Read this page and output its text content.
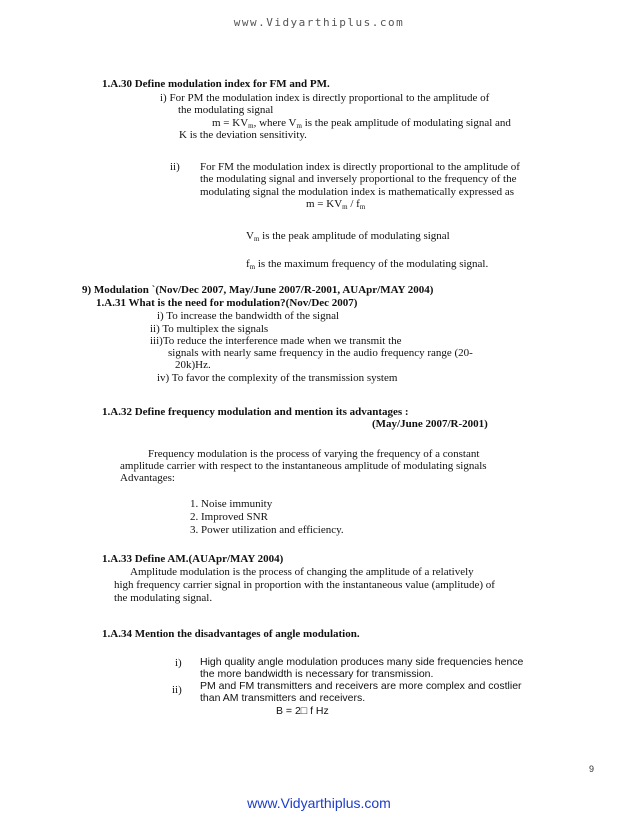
www.Vidyarthiplus.com
1.A.30 Define modulation index for FM and PM.
i) For PM the modulation index is directly proportional to the amplitude of
the modulating signal
$m = KV_m$, where $V_m$ is the peak amplitude of modulating signal and
K is the deviation sensitivity.
ii) For FM the modulation index is directly proportional to the amplitude of
the modulating signal and inversely proportional to the frequency of the
modulating signal the modulation index is mathematically expressed as
$m = KV_m / f_m$
$V_m$ is the peak amplitude of modulating signal
$f_m$ is the maximum frequency of the modulating signal.
9) Modulation `(Nov/Dec 2007, May/June 2007/R-2001, AUApr/MAY 2004)
1.A.31 What is the need for modulation?(Nov/Dec 2007)
i) To increase the bandwidth of the signal
ii) To multiplex the signals
iii)To reduce the interference made when we transmit the
signals with nearly same frequency in the audio frequency range (20-
20k)Hz.
iv) To favor the complexity of the transmission system
1.A.32 Define frequency modulation and mention its advantages :
(May/June 2007/R-2001)
Frequency modulation is the process of varying the frequency of a constant
amplitude carrier with respect to the instantaneous amplitude of modulating signals
Advantages:
1. Noise immunity
2. Improved SNR
3. Power utilization and efficiency.
1.A.33 Define AM.(AUApr/MAY 2004)
Amplitude modulation is the process of changing the amplitude of a relatively
high frequency carrier signal in proportion with the instantaneous value (amplitude) of
the modulating signal.
1.A.34 Mention the disadvantages of angle modulation.
i) High quality angle modulation produces many side frequencies hence
the more bandwidth is necessary for transmission.
ii) PM and FM transmitters and receivers are more complex and costlier
than AM transmitters and receivers.
B = 2□ f Hz
9
www.Vidyarthiplus.com
